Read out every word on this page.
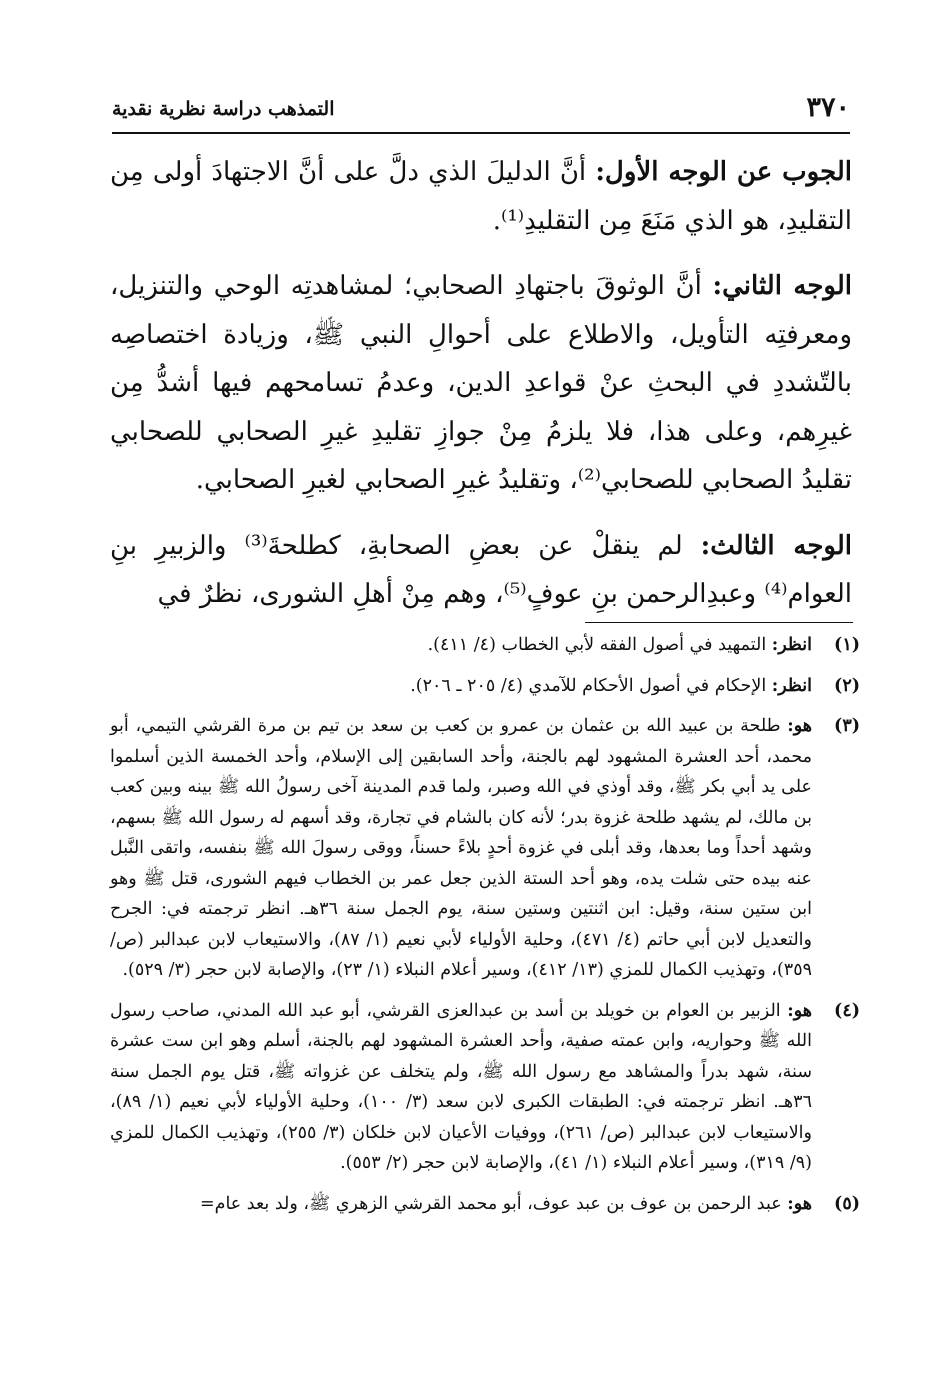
٣٧٠
التمذهب دراسة نظرية نقدية

الجوب عن الوجه الأول: أنَّ الدليلَ الذي دلَّ على أنَّ الاجتهادَ أولى مِن التقليدِ، هو الذي مَنَعَ مِن التقليدِ⁽¹⁾.

الوجه الثاني: أنَّ الوثوقَ باجتهادِ الصحابي؛ لمشاهدتِه الوحي والتنزيل، ومعرفتِه التأويل، والاطلاع على أحوالِ النبي ﷺ، وزيادة اختصاصِه بالتّشددِ في البحثِ عنْ قواعدِ الدين، وعدمُ تسامحهم فيها أشدُّ مِن غيرِهم، وعلى هذا، فلا يلزمُ مِنْ جوازِ تقليدِ غيرِ الصحابي للصحابي تقليدُ الصحابي للصحابي⁽²⁾، وتقليدُ غيرِ الصحابي لغيرِ الصحابي.

الوجه الثالث: لم ينقلْ عن بعضِ الصحابةِ، كطلحةَ⁽³⁾ والزبيرِ بنِ العوام⁽⁴⁾ وعبدِالرحمن بنِ عوفٍ⁽⁵⁾، وهم مِنْ أهلِ الشورى، نظرٌ في

(١)
انظر: التمهيد في أصول الفقه لأبي الخطاب (٤/ ٤١١).
(٢)
انظر: الإحكام في أصول الأحكام للآمدي (٤/ ٢٠٥ ـ ٢٠٦).
(٣)
هو: طلحة بن عبيد الله بن عثمان بن عمرو بن كعب بن سعد بن تيم بن مرة القرشي التيمي، أبو محمد، أحد العشرة المشهود لهم بالجنة، وأحد السابقين إلى الإسلام، وأحد الخمسة الذين أسلموا على يد أبي بكر ﷺ، وقد أوذي في الله وصبر، ولما قدم المدينة آخى رسولُ الله ﷺ بينه وبين كعب بن مالك، لم يشهد طلحة غزوة بدر؛ لأنه كان بالشام في تجارة، وقد أسهم له رسول الله ﷺ بسهم، وشهد أحداً وما بعدها، وقد أبلى في غزوة أحدٍ بلاءً حسناً، ووقى رسولَ الله ﷺ بنفسه، واتقى النَّبل عنه بيده حتى شلت يده، وهو أحد الستة الذين جعل عمر بن الخطاب فيهم الشورى، قتل ﷺ وهو ابن ستين سنة، وقيل: ابن اثنتين وستين سنة، يوم الجمل سنة ٣٦هـ. انظر ترجمته في: الجرح والتعديل لابن أبي حاتم (٤/ ٤٧١)، وحلية الأولياء لأبي نعيم (١/ ٨٧)، والاستيعاب لابن عبدالبر (ص/ ٣٥٩)، وتهذيب الكمال للمزي (١٣/ ٤١٢)، وسير أعلام النبلاء (١/ ٢٣)، والإصابة لابن حجر (٣/ ٥٢٩).
(٤)
هو: الزبير بن العوام بن خويلد بن أسد بن عبدالعزى القرشي، أبو عبد الله المدني، صاحب رسول الله ﷺ وحواريه، وابن عمته صفية، وأحد العشرة المشهود لهم بالجنة، أسلم وهو ابن ست عشرة سنة، شهد بدراً والمشاهد مع رسول الله ﷺ، ولم يتخلف عن غزواته ﷺ، قتل يوم الجمل سنة ٣٦هـ. انظر ترجمته في: الطبقات الكبرى لابن سعد (٣/ ١٠٠)، وحلية الأولياء لأبي نعيم (١/ ٨٩)، والاستيعاب لابن عبدالبر (ص/ ٢٦١)، ووفيات الأعيان لابن خلكان (٣/ ٢٥٥)، وتهذيب الكمال للمزي (٩/ ٣١٩)، وسير أعلام النبلاء (١/ ٤١)، والإصابة لابن حجر (٢/ ٥٥٣).
(٥)
هو: عبد الرحمن بن عوف بن عبد عوف، أبو محمد القرشي الزهري ﷺ، ولد بعد عام=
